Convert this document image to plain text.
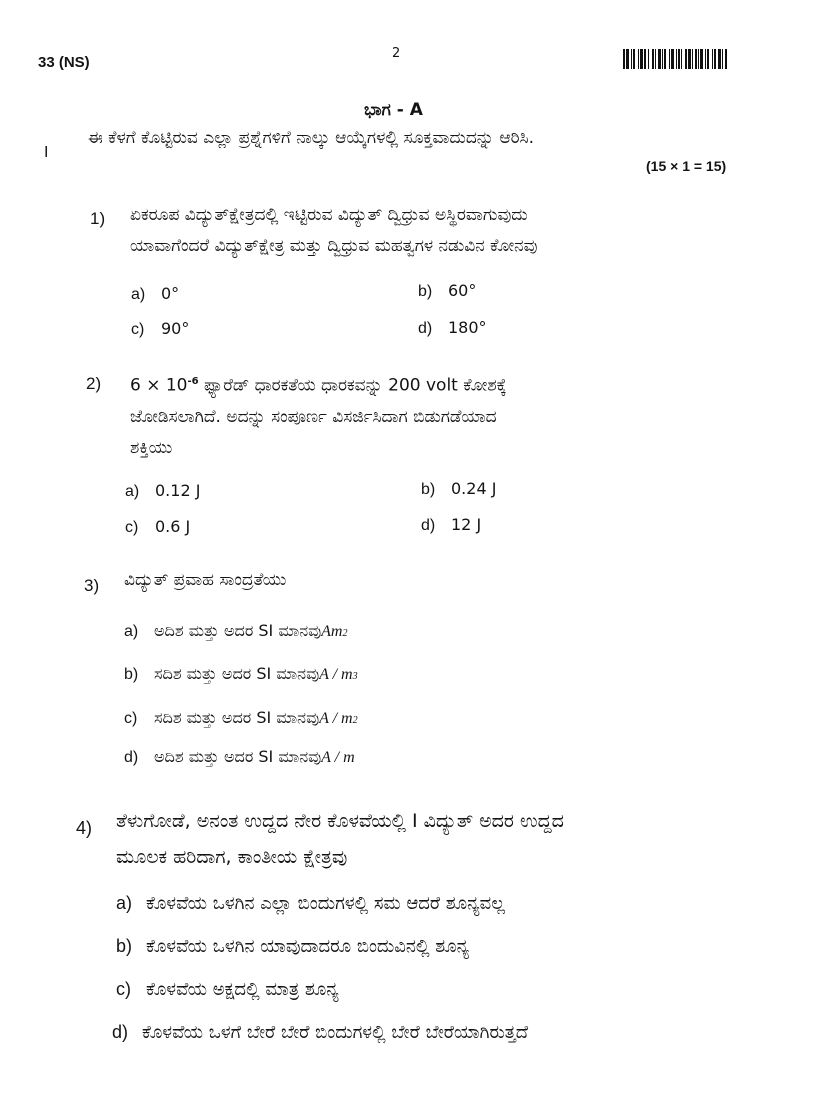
33 (NS)
2
ಭಾಗ - A
I
ಈ ಕೆಳಗೆ ಕೊಟ್ಟಿರುವ ಎಲ್ಲಾ ಪ್ರಶ್ನೆಗಳಿಗೆ ನಾಲ್ಕು ಆಯ್ಕೆಗಳಲ್ಲಿ ಸೂಕ್ತವಾದುದನ್ನು ಆರಿಸಿ.
(15 × 1 = 15)
1) ಏಕರೂಪ ವಿದ್ಯುತ್‌ಕ್ಷೇತ್ರದಲ್ಲಿ ಇಟ್ಟಿರುವ ವಿದ್ಯುತ್ ದ್ವಿಧ್ರುವ ಅಸ್ಥಿರವಾಗುವುದು
ಯಾವಾಗೆಂದರೆ ವಿದ್ಯುತ್‌ಕ್ಷೇತ್ರ ಮತ್ತು ದ್ವಿಧ್ರುವ ಮಹತ್ವಗಳ ನಡುವಿನ ಕೋನವು
a) 0°	b) 60°
c)	90°	d) 180°
2) $6 \times 10^{-6}$ ಫ್ಯಾರೆಡ್ ಧಾರಕತೆಯ ಧಾರಕವನ್ನು 200 volt ಕೋಶಕ್ಕೆ
ಜೋಡಿಸಲಾಗಿದೆ. ಅದನ್ನು ಸಂಪೂರ್ಣ ವಿಸರ್ಜಿಸಿದಾಗ ಬಿಡುಗಡೆಯಾದ
ಶಕ್ತಿಯು
a) 0.12 J	b) 0.24 J
c)	0.6 J	d) 12 J
3) ವಿದ್ಯುತ್ ಪ್ರವಾಹ ಸಾಂದ್ರತೆಯು
a) ಅದಿಶ ಮತ್ತು ಅದರ SI ಮಾನವು Am 2
b) ಸದಿಶ ಮತ್ತು ಅದರ SI ಮಾನವು A / m 3
c)	ಸದಿಶ ಮತ್ತು ಅದರ SI ಮಾನವು A / m 2
d) ಅದಿಶ ಮತ್ತು ಅದರ SI ಮಾನವು A / m
4) ತೆಳುಗೋಡೆ, ಅನಂತ ಉದ್ದದ ನೇರ ಕೊಳವೆಯಲ್ಲಿ I ವಿದ್ಯುತ್ ಅದರ ಉದ್ದದ
ಮೂಲಕ ಹರಿದಾಗ, ಕಾಂತೀಯ ಕ್ಷೇತ್ರವು
a) ಕೊಳವೆಯ ಒಳಗಿನ ಎಲ್ಲಾ ಬಿಂದುಗಳಲ್ಲಿ ಸಮ ಆದರೆ ಶೂನ್ಯವಲ್ಲ
b) ಕೊಳವೆಯ ಒಳಗಿನ ಯಾವುದಾದರೂ ಬಿಂದುವಿನಲ್ಲಿ ಶೂನ್ಯ
c) ಕೊಳವೆಯ ಅಕ್ಷದಲ್ಲಿ ಮಾತ್ರ ಶೂನ್ಯ
d) ಕೊಳವೆಯ ಒಳಗೆ ಬೇರೆ ಬೇರೆ ಬಿಂದುಗಳಲ್ಲಿ ಬೇರೆ ಬೇರೆಯಾಗಿರುತ್ತದೆ
